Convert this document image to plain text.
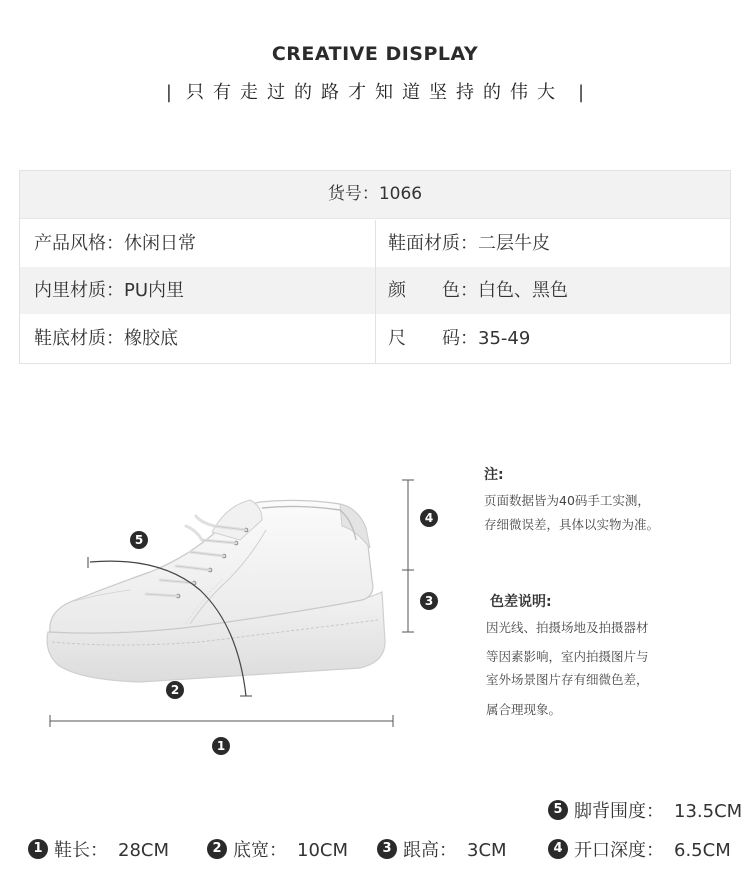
CREATIVE DISPLAY
| 只有走过的路才知道坚持的伟大 |
货号：1066
产品风格：休闲日常	鞋面材质：二层牛皮
内里材质：PU内里	颜　　色：白色、黑色
鞋底材质：橡胶底	尺　　码：35-49
5
2
1
4
3
注:
页面数据皆为40码手工实测，
存细微误差，具体以实物为准。
色差说明:
因光线、拍摄场地及拍摄器材
等因素影响，室内拍摄图片与
室外场景图片存有细微色差，
属合理现象。
5 脚背围度： 13.5CM
1 鞋长： 28CM	2 底宽： 10CM	3 跟高： 3CM	4 开口深度： 6.5CM
